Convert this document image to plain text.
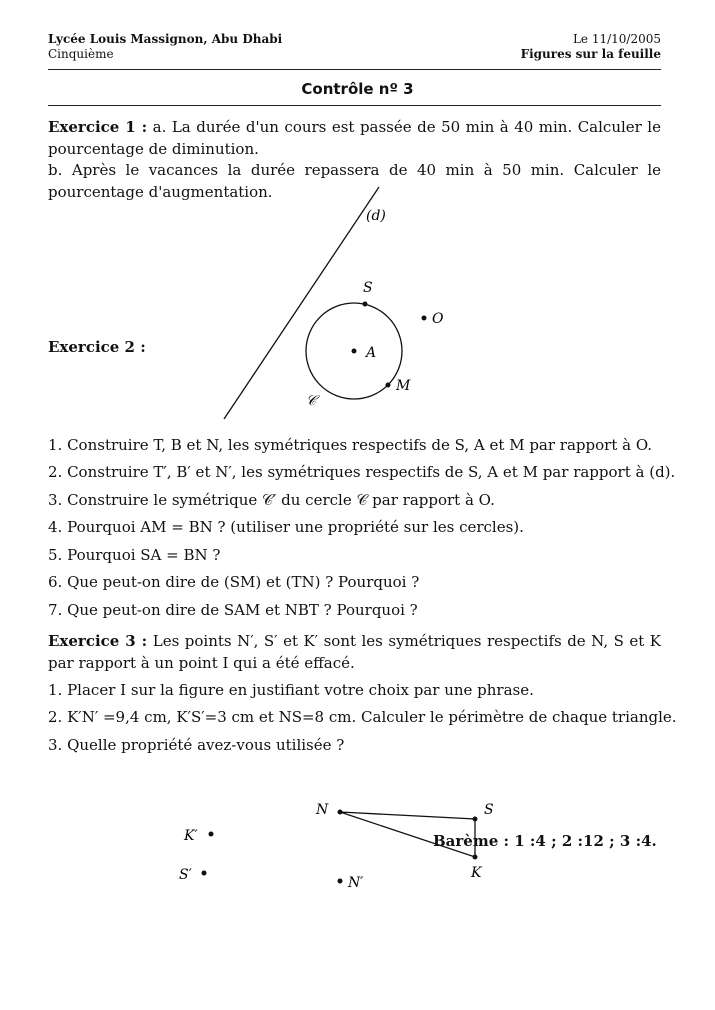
Lycée Louis Massignon, Abu Dhabi
Cinquième
Le 11/10/2005
Figures sur la feuille
Contrôle nº 3
Exercice 1 : a. La durée d'un cours est passée de 50 min à 40 min. Calculer le pourcentage de diminution.
b. Après le vacances la durée repassera de 40 min à 50 min. Calculer le pourcentage d'augmentation.
Exercice 2 :
(d)
S
O
A
M
𝒞
N	S
K
K′
S′	N′
1. Construire T, B et N, les symétriques respectifs de S, A et M par rapport à O.
2. Construire T′, B′ et N′, les symétriques respectifs de S, A et M par rapport à (d).
3. Construire le symétrique 𝒞′ du cercle 𝒞 par rapport à O.
4. Pourquoi AM = BN ? (utiliser une propriété sur les cercles).
5. Pourquoi SA = BN ?
6. Que peut-on dire de (SM) et (TN) ? Pourquoi ?
7. Que peut-on dire de SAM et NBT ? Pourquoi ?
Exercice 3 : Les points N′, S′ et K′ sont les symétriques respectifs de N, S et K par rapport à un point I qui a été effacé.
1. Placer I sur la figure en justifiant votre choix par une phrase.
2. K′N′ =9,4 cm, K′S′=3 cm et NS=8 cm. Calculer le périmètre de chaque triangle.
3. Quelle propriété avez-vous utilisée ?
Barème : 1 :4 ; 2 :12 ; 3 :4.
